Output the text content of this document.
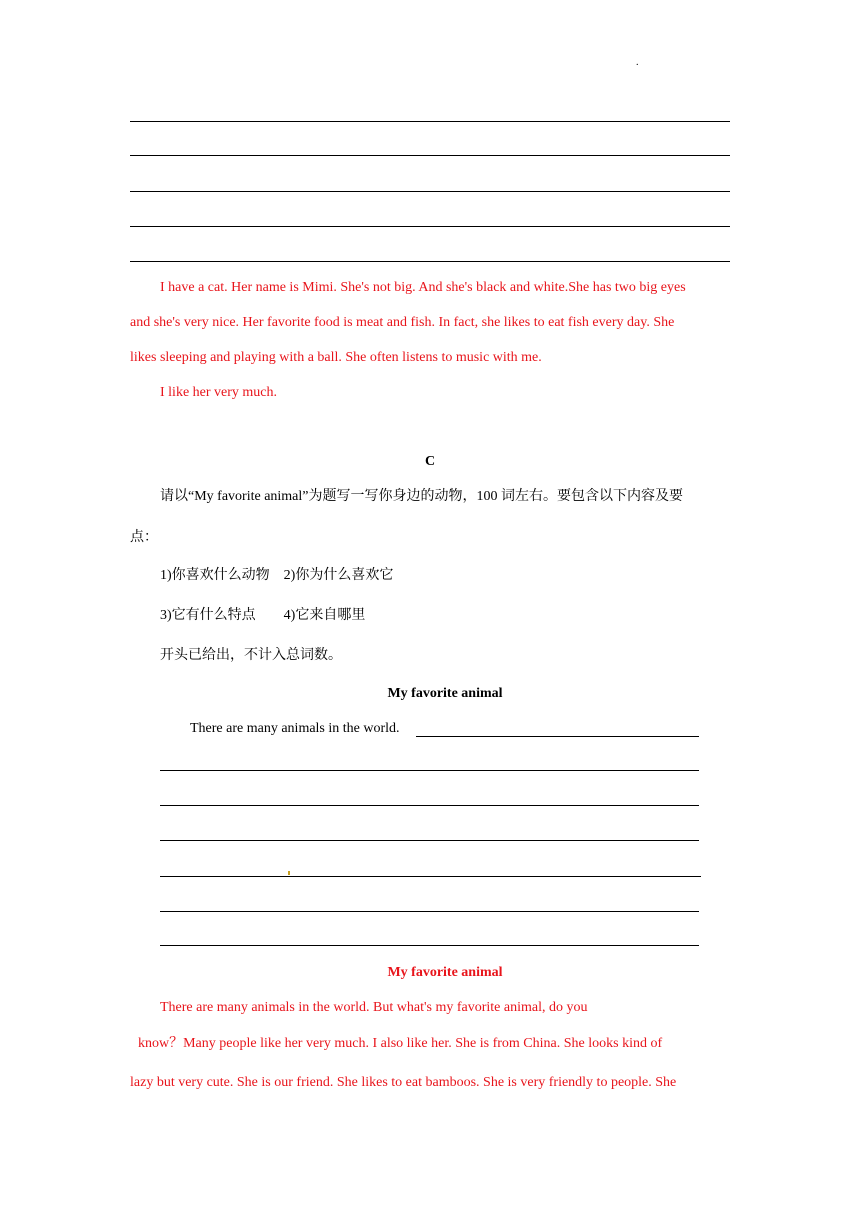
.
I have a cat. Her name is Mimi. She's not big. And she's black and white.She has two big eyes
and she's very nice. Her favorite food is meat and fish. In fact, she likes to eat fish every day. She
likes sleeping and playing with a ball. She often listens to music with me.
I like her very much.
C
请以“My favorite animal”为题写一写你身边的动物，100 词左右。要包含以下内容及要
点：
1)你喜欢什么动物　2)你为什么喜欢它
3)它有什么特点　　4)它来自哪里
开头已给出，不计入总词数。
My favorite animal
There are many animals in the world.
My favorite animal
There are many animals in the world. But what's my favorite animal, do you
know？Many people like her very much. I also like her. She is from China. She looks kind of
lazy but very cute. She is our friend. She likes to eat bamboos. She is very friendly to people. She
